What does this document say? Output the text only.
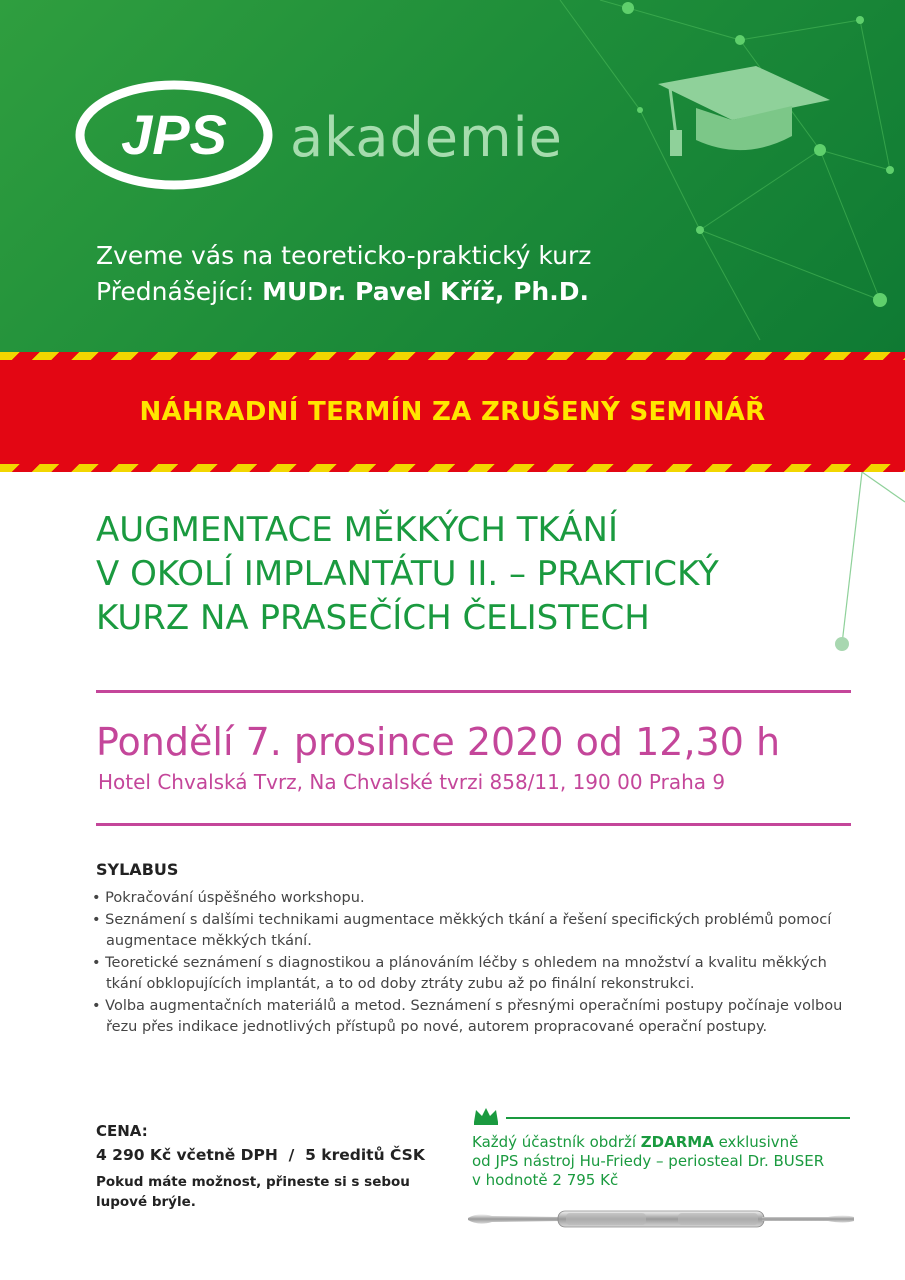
JPS akademie
Zveme vás na teoreticko-praktický kurz
Přednášející: MUDr. Pavel Kříž, Ph.D.
NÁHRADNÍ TERMÍN ZA ZRUŠENÝ SEMINÁŘ
AUGMENTACE MĚKKÝCH TKÁNÍ
V OKOLÍ IMPLANTÁTU II. – PRAKTICKÝ
KURZ NA PRASEČÍCH ČELISTECH
Pondělí 7. prosince 2020 od 12,30 h
Hotel Chvalská Tvrz, Na Chvalské tvrzi 858/11, 190 00 Praha 9
SYLABUS
• Pokračování úspěšného workshopu.
• Seznámení s dalšími technikami augmentace měkkých tkání a řešení specifických problémů pomocí augmentace měkkých tkání.
• Teoretické seznámení s diagnostikou a plánováním léčby s ohledem na množství a kvalitu měkkých tkání obklopujících implantát, a to od doby ztráty zubu až po finální rekonstrukci.
• Volba augmentačních materiálů a metod. Seznámení s přesnými operačními postupy počínaje volbou řezu přes indikace jednotlivých přístupů po nové, autorem propracované operační postupy.
CENA:
4 290 Kč včetně DPH  /  5 kreditů ČSK
Pokud máte možnost, přineste si s sebou lupové brýle.
Každý účastník obdrží ZDARMA exklusivně
od JPS nástroj Hu-Friedy – periosteal Dr. BUSER
v hodnotě 2 795 Kč
